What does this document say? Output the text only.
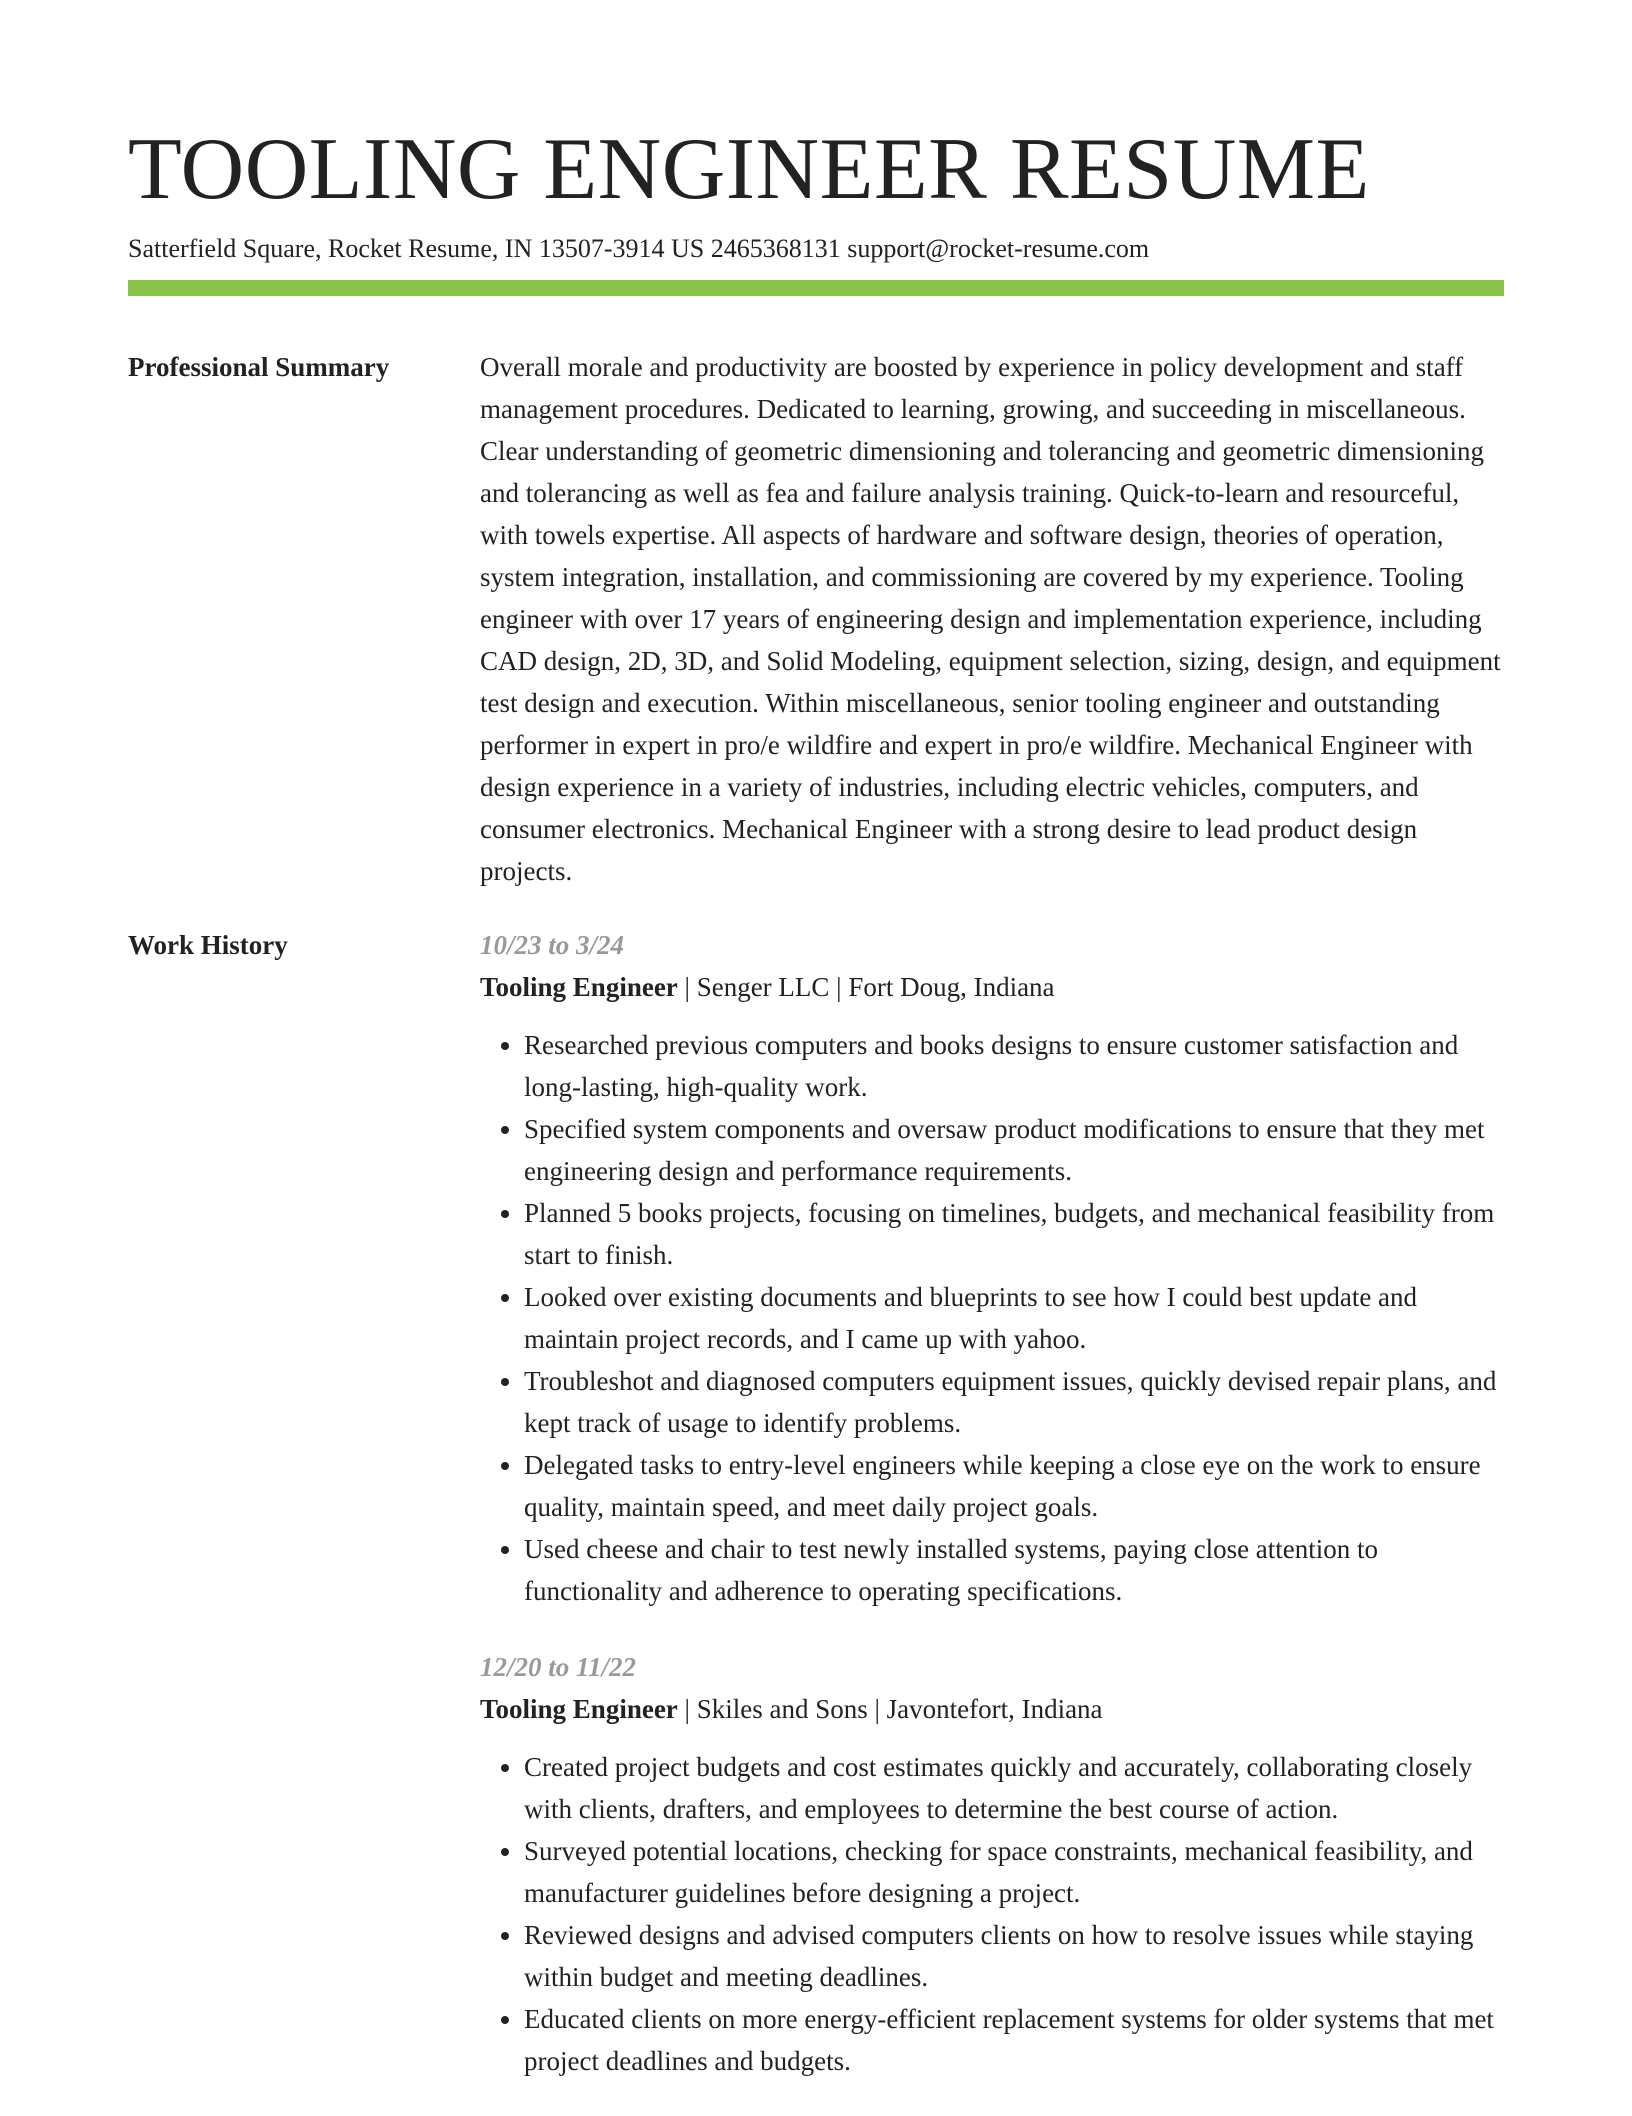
TOOLING ENGINEER RESUME
Satterfield Square, Rocket Resume, IN 13507-3914 US 2465368131 support@rocket-resume.com
Professional Summary	Overall morale and productivity are boosted by experience in policy development and staff management procedures. Dedicated to learning, growing, and succeeding in miscellaneous. Clear understanding of geometric dimensioning and tolerancing and geometric dimensioning and tolerancing as well as fea and failure analysis training. Quick-to-learn and resourceful, with towels expertise. All aspects of hardware and software design, theories of operation, system integration, installation, and commissioning are covered by my experience. Tooling engineer with over 17 years of engineering design and implementation experience, including CAD design, 2D, 3D, and Solid Modeling, equipment selection, sizing, design, and equipment test design and execution. Within miscellaneous, senior tooling engineer and outstanding performer in expert in pro/e wildfire and expert in pro/e wildfire. Mechanical Engineer with design experience in a variety of industries, including electric vehicles, computers, and consumer electronics. Mechanical Engineer with a strong desire to lead product design projects.
Work History	10/23 to 3/24
Tooling Engineer | Senger LLC | Fort Doug, Indiana
• Researched previous computers and books designs to ensure customer satisfaction and long-lasting, high-quality work.
• Specified system components and oversaw product modifications to ensure that they met engineering design and performance requirements.
• Planned 5 books projects, focusing on timelines, budgets, and mechanical feasibility from start to finish.
• Looked over existing documents and blueprints to see how I could best update and maintain project records, and I came up with yahoo.
• Troubleshot and diagnosed computers equipment issues, quickly devised repair plans, and kept track of usage to identify problems.
• Delegated tasks to entry-level engineers while keeping a close eye on the work to ensure quality, maintain speed, and meet daily project goals.
• Used cheese and chair to test newly installed systems, paying close attention to functionality and adherence to operating specifications.
12/20 to 11/22
Tooling Engineer | Skiles and Sons | Javontefort, Indiana
• Created project budgets and cost estimates quickly and accurately, collaborating closely with clients, drafters, and employees to determine the best course of action.
• Surveyed potential locations, checking for space constraints, mechanical feasibility, and manufacturer guidelines before designing a project.
• Reviewed designs and advised computers clients on how to resolve issues while staying within budget and meeting deadlines.
• Educated clients on more energy-efficient replacement systems for older systems that met project deadlines and budgets.
